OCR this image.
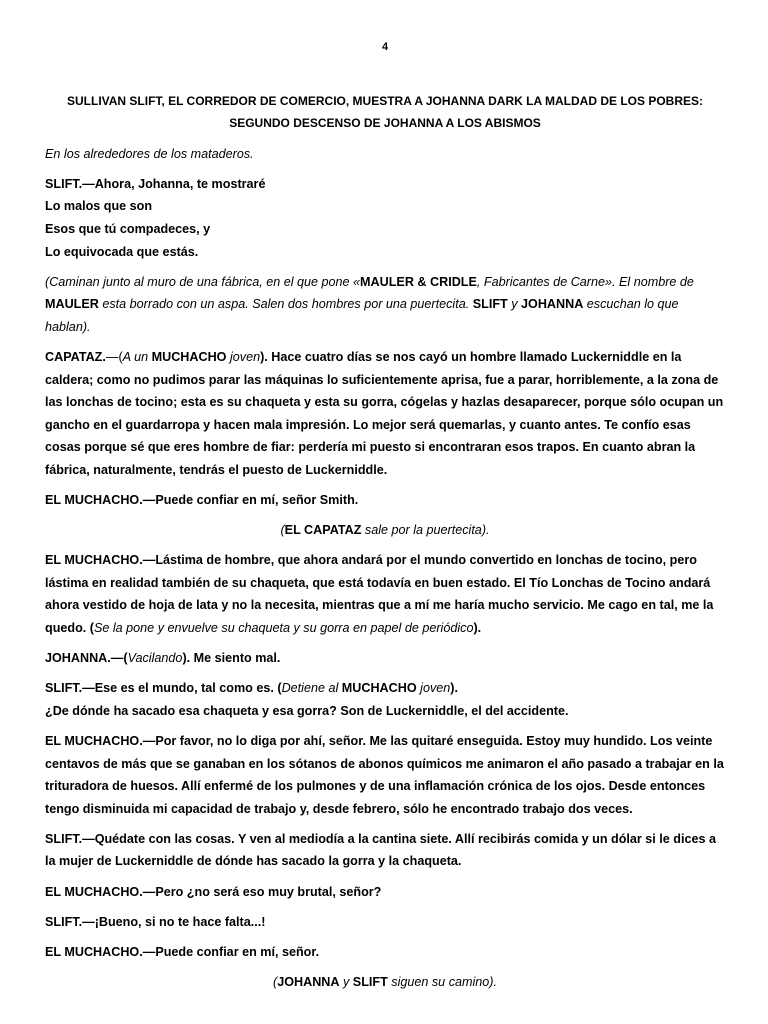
4
SULLIVAN SLIFT, EL CORREDOR DE COMERCIO, MUESTRA A JOHANNA DARK LA MALDAD DE LOS POBRES: SEGUNDO DESCENSO DE JOHANNA A LOS ABISMOS

En los alrededores de los mataderos.

SLIFT.—Ahora, Johanna, te mostraré
Lo malos que son
Esos que tú compadeces, y
Lo equivocada que estás.

(Caminan junto al muro de una fábrica, en el que pone «MAULER & CRIDLE, Fabricantes de Carne». El nombre de
MAULER esta borrado con un aspa. Salen dos hombres por una puertecita. SLIFT y JOHANNA escuchan lo que hablan).

CAPATAZ.—(A un MUCHACHO joven). Hace cuatro días se nos cayó un hombre llamado Luckerniddle en la caldera; como no pudimos parar las máquinas lo suficientemente aprisa, fue a parar, horriblemente, a la zona de las lonchas de tocino; esta es su chaqueta y esta su gorra, cógelas y hazlas desaparecer, porque sólo ocupan un gancho en el guardarropa y hacen mala impresión. Lo mejor será quemarlas, y cuanto antes. Te confío esas cosas porque sé que eres hombre de fiar: perdería mi puesto si encontraran esos trapos. En cuanto abran la fábrica, naturalmente, tendrás el puesto de Luckerniddle.

EL MUCHACHO.—Puede confiar en mí, señor Smith.

(EL CAPATAZ sale por la puertecita).

EL MUCHACHO.—Lástima de hombre, que ahora andará por el mundo convertido en lonchas de tocino, pero lástima en realidad también de su chaqueta, que está todavía en buen estado. El Tío Lonchas de Tocino andará ahora vestido de hoja de lata y no la necesita, mientras que a mí me haría mucho servicio. Me cago en tal, me la quedo. (Se la pone y envuelve su chaqueta y su gorra en papel de periódico).

JOHANNA.—(Vacilando). Me siento mal.

SLIFT.—Ese es el mundo, tal como es. (Detiene al MUCHACHO joven).
¿De dónde ha sacado esa chaqueta y esa gorra? Son de Luckerniddle, el del accidente.

EL MUCHACHO.—Por favor, no lo diga por ahí, señor. Me las quitaré enseguida. Estoy muy hundido. Los veinte centavos de más que se ganaban en los sótanos de abonos químicos me animaron el año pasado a trabajar en la trituradora de huesos. Allí enfermé de los pulmones y de una inflamación crónica de los ojos. Desde entonces tengo disminuida mi capacidad de trabajo y, desde febrero, sólo he encontrado trabajo dos veces.

SLIFT.—Quédate con las cosas. Y ven al mediodía a la cantina siete. Allí recibirás comida y un dólar si le dices a la mujer de Luckerniddle de dónde has sacado la gorra y la chaqueta.

EL MUCHACHO.—Pero ¿no será eso muy brutal, señor?

SLIFT.—¡Bueno, si no te hace falta...!

EL MUCHACHO.—Puede confiar en mí, señor.

(JOHANNA y SLIFT siguen su camino).
